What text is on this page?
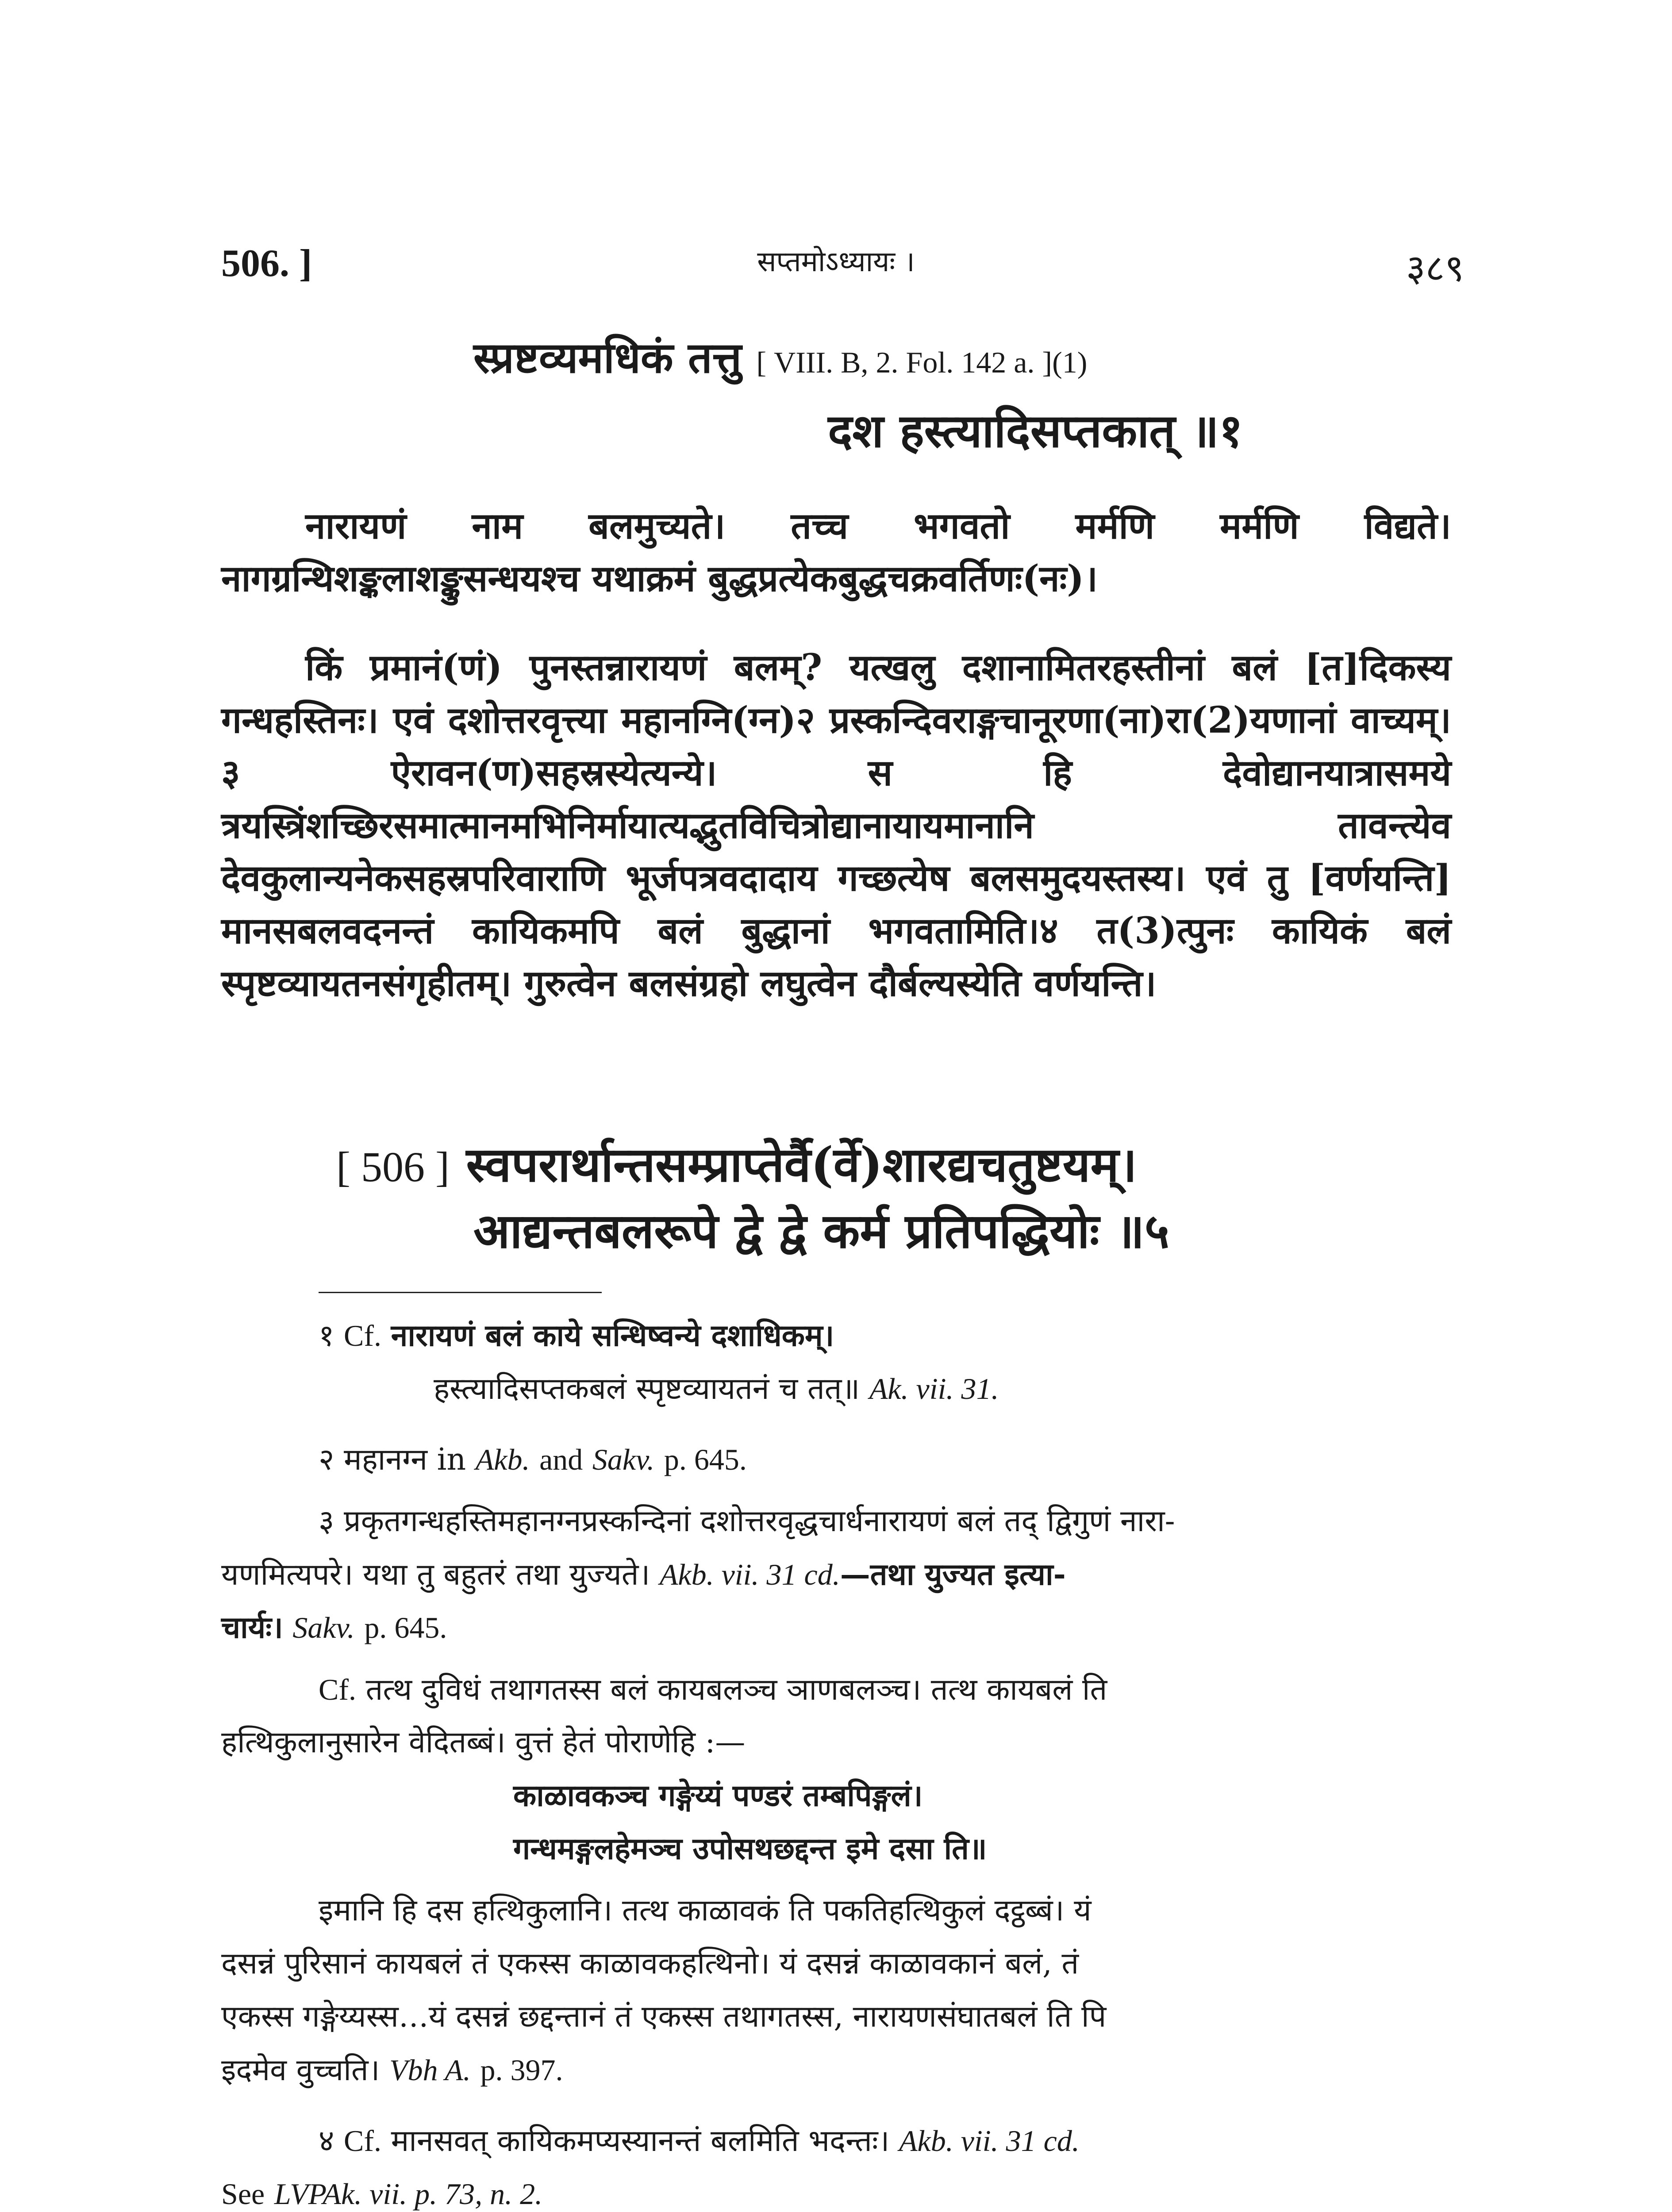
506. ]	सप्तमोऽध्यायः ।	३८९
स्प्रष्टव्यमधिकं तत्तु [ VIII. B, 2. Fol. 142 a. ](1)
दश हस्त्यादिसप्तकात् ॥१
नारायणं नाम बलमुच्यते। तच्च भगवतो मर्मणि मर्मणि विद्यते। नागग्रन्थिशङ्कलाशङ्कुसन्धयश्च यथाक्रमं बुद्धप्रत्येकबुद्धचक्रवर्तिणः(नः)।
किं प्रमानं(णं) पुनस्तन्नारायणं बलम्? यत्खलु दशानामितरहस्तीनां बलं [त]दिकस्य गन्धहस्तिनः। एवं दशोत्तरवृत्त्या महानग्नि(ग्न)२ प्रस्कन्दिवराङ्गचानूरणा(ना)रा(2)यणानां वाच्यम्।३ ऐरावन(ण)सहस्रस्येत्यन्ये। स हि देवोद्यानयात्रासमये त्रयस्त्रिंशच्छिरसमात्मानमभिनिर्मायात्यद्भुतविचित्रोद्यानायायमानानि तावन्त्येव देवकुलान्यनेकसहस्रपरिवाराणि भूर्जपत्रवदादाय गच्छत्येष बलसमुदयस्तस्य। एवं तु [वर्णयन्ति] मानसबलवदनन्तं कायिकमपि बलं बुद्धानां भगवतामिति।४ त(3)त्पुनः कायिकं बलं स्पृष्टव्यायतनसंगृहीतम्। गुरुत्वेन बलसंग्रहो लघुत्वेन दौर्बल्यस्येति वर्णयन्ति।
[ 506 ] स्वपरार्थान्तसम्प्राप्तेर्वै(र्वे)शारद्यचतुष्टयम्।
आद्यन्तबलरूपे द्वे द्वे कर्म प्रतिपद्धियोः ॥५
१ Cf. नारायणं बलं काये सन्धिष्वन्ये दशाधिकम्।
हस्त्यादिसप्तकबलं स्पृष्टव्यायतनं च तत्॥ Ak. vii. 31.
२ महानग्न in Akb. and Sakv. p. 645.
३ प्रकृतगन्धहस्तिमहानग्नप्रस्कन्दिनां दशोत्तरवृद्धचार्धनारायणं बलं तद् द्विगुणं नारा-
यणमित्यपरे। यथा तु बहुतरं तथा युज्यते। Akb. vii. 31 cd.—तथा युज्यत इत्या-
चार्यः। Sakv. p. 645.
Cf. तत्थ दुविधं तथागतस्स बलं कायबलञ्च ञाणबलञ्च। तत्थ कायबलं ति
हत्थिकुलानुसारेन वेदितब्बं। वुत्तं हेतं पोराणेहि :—
काळावकञ्च गङ्गेय्यं पण्डरं तम्बपिङ्गलं।
गन्धमङ्गलहेमञ्च उपोसथछद्दन्त इमे दसा ति॥
इमानि हि दस हत्थिकुलानि। तत्थ काळावकं ति पकतिहत्थिकुलं दट्ठब्बं। यं
दसन्नं पुरिसानं कायबलं तं एकस्स काळावकहत्थिनो। यं दसन्नं काळावकानं बलं, तं
एकस्स गङ्गेय्यस्स…यं दसन्नं छद्दन्तानं तं एकस्स तथागतस्स, नारायणसंघातबलं ति पि
इदमेव वुच्चति। Vbh A. p. 397.
४ Cf. मानसवत् कायिकमप्यस्यानन्तं बलमिति भदन्तः। Akb. vii. 31 cd.
See LVPAk. vii. p. 73, n. 2.
